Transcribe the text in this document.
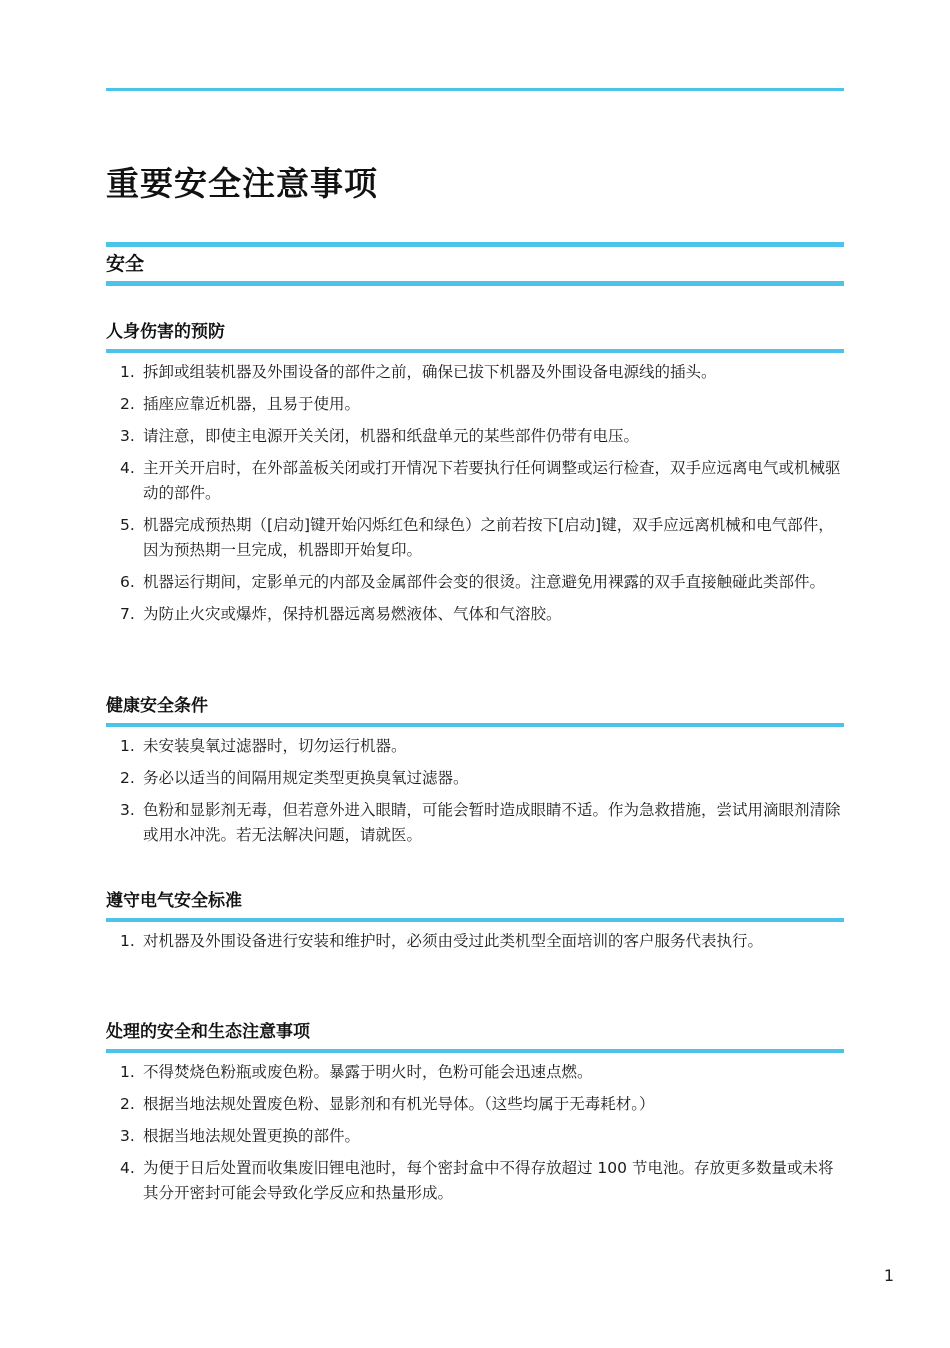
重要安全注意事项
安全
人身伤害的预防
1. 拆卸或组装机器及外围设备的部件之前，确保已拔下机器及外围设备电源线的插头。
2. 插座应靠近机器，且易于使用。
3. 请注意，即使主电源开关关闭，机器和纸盘单元的某些部件仍带有电压。
4. 主开关开启时，在外部盖板关闭或打开情况下若要执行任何调整或运行检查，双手应远离电气或机械驱动的部件。
5. 机器完成预热期（[启动]键开始闪烁红色和绿色）之前若按下[启动]键，双手应远离机械和电气部件，因为预热期一旦完成，机器即开始复印。
6. 机器运行期间，定影单元的内部及金属部件会变的很烫。注意避免用裸露的双手直接触碰此类部件。
7. 为防止火灾或爆炸，保持机器远离易燃液体、气体和气溶胶。
健康安全条件
1. 未安装臭氧过滤器时，切勿运行机器。
2. 务必以适当的间隔用规定类型更换臭氧过滤器。
3. 色粉和显影剂无毒，但若意外进入眼睛，可能会暂时造成眼睛不适。作为急救措施，尝试用滴眼剂清除或用水冲洗。若无法解决问题，请就医。
遵守电气安全标准
1. 对机器及外围设备进行安装和维护时，必须由受过此类机型全面培训的客户服务代表执行。
处理的安全和生态注意事项
1. 不得焚烧色粉瓶或废色粉。暴露于明火时，色粉可能会迅速点燃。
2. 根据当地法规处置废色粉、显影剂和有机光导体。（这些均属于无毒耗材。）
3. 根据当地法规处置更换的部件。
4. 为便于日后处置而收集废旧锂电池时，每个密封盒中不得存放超过 100 节电池。存放更多数量或未将其分开密封可能会导致化学反应和热量形成。
1
